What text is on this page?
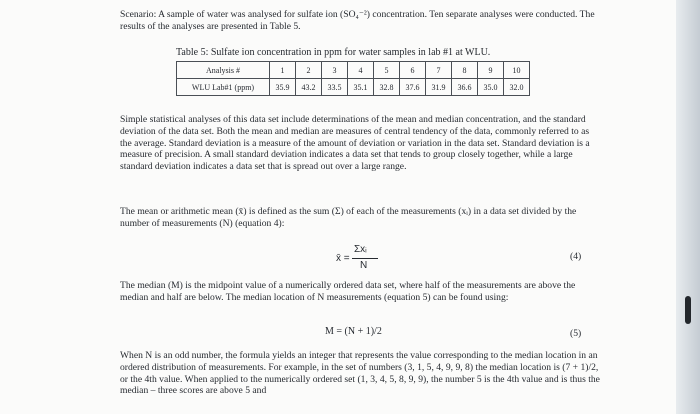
Scenario: A sample of water was analysed for sulfate ion (SO₄⁻²) concentration. Ten separate analyses were conducted. The results of the analyses are presented in Table 5.

Table 5: Sulfate ion concentration in ppm for water samples in lab #1 at WLU.
Analysis #	1	2	3	4	5	6	7	8	9	10
WLU Lab#1 (ppm)	35.9	43.2	33.5	35.1	32.8	37.6	31.9	36.6	35.0	32.0

Simple statistical analyses of this data set include determinations of the mean and median concentration, and the standard deviation of the data set. Both the mean and median are measures of central tendency of the data, commonly referred to as the average. Standard deviation is a measure of the amount of deviation or variation in the data set. Standard deviation is a measure of precision. A small standard deviation indicates a data set that tends to group closely together, while a large standard deviation indicates a data set that is spread out over a large range.

The mean or arithmetic mean (x̄) is defined as the sum (Σ) of each of the measurements (xᵢ) in a data set divided by the number of measurements (N) (equation 4):

x̄ =
Σxᵢ
N
(4)

The median (M) is the midpoint value of a numerically ordered data set, where half of the measurements are above the median and half are below. The median location of N measurements (equation 5) can be found using:

M = (N + 1)/2	(5)

When N is an odd number, the formula yields an integer that represents the value corresponding to the median location in an ordered distribution of measurements. For example, in the set of numbers (3, 1, 5, 4, 9, 9, 8) the median location is (7 + 1)/2, or the 4th value. When applied to the numerically ordered set (1, 3, 4, 5, 8, 9, 9), the number 5 is the 4th value and is thus the median – three scores are above 5 and
